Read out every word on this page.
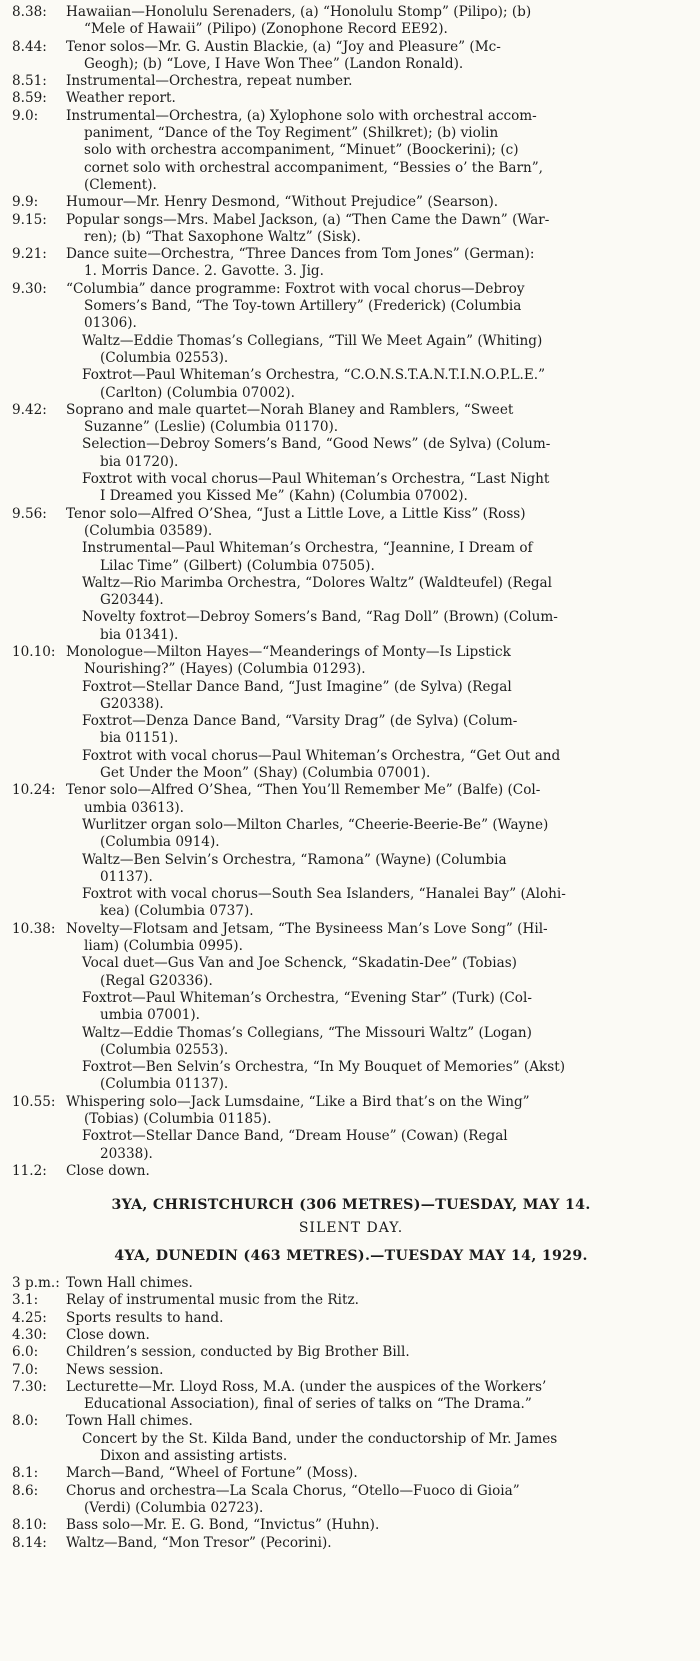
8.38:	Hawaiian—Honolulu Serenaders, (a) “Honolulu Stomp” (Pilipo); (b)
“Mele of Hawaii” (Pilipo) (Zonophone Record EE92).
8.44:	Tenor solos—Mr. G. Austin Blackie, (a) “Joy and Pleasure” (Mc-
Geogh); (b) “Love, I Have Won Thee” (Landon Ronald).
8.51:	Instrumental—Orchestra, repeat number.
8.59:	Weather report.
9.0:	Instrumental—Orchestra, (a) Xylophone solo with orchestral accom-
paniment, “Dance of the Toy Regiment” (Shilkret); (b) violin
solo with orchestra accompaniment, “Minuet” (Boockerini); (c)
cornet solo with orchestral accompaniment, “Bessies o’ the Barn”,
(Clement).
9.9:	Humour—Mr. Henry Desmond, “Without Prejudice” (Searson).
9.15:	Popular songs—Mrs. Mabel Jackson, (a) “Then Came the Dawn” (War-
ren); (b) “That Saxophone Waltz” (Sisk).
9.21:	Dance suite—Orchestra, “Three Dances from Tom Jones” (German):
1. Morris Dance. 2. Gavotte. 3. Jig.
9.30:	“Columbia” dance programme: Foxtrot with vocal chorus—Debroy
Somers’s Band, “The Toy-town Artillery” (Frederick) (Columbia
01306).
Waltz—Eddie Thomas’s Collegians, “Till We Meet Again” (Whiting)
(Columbia 02553).
Foxtrot—Paul Whiteman’s Orchestra, “C.O.N.S.T.A.N.T.I.N.O.P.L.E.”
(Carlton) (Columbia 07002).
9.42:	Soprano and male quartet—Norah Blaney and Ramblers, “Sweet
Suzanne” (Leslie) (Columbia 01170).
Selection—Debroy Somers’s Band, “Good News” (de Sylva) (Colum-
bia 01720).
Foxtrot with vocal chorus—Paul Whiteman’s Orchestra, “Last Night
I Dreamed you Kissed Me” (Kahn) (Columbia 07002).
9.56:	Tenor solo—Alfred O’Shea, “Just a Little Love, a Little Kiss” (Ross)
(Columbia 03589).
Instrumental—Paul Whiteman’s Orchestra, “Jeannine, I Dream of
Lilac Time” (Gilbert) (Columbia 07505).
Waltz—Rio Marimba Orchestra, “Dolores Waltz” (Waldteufel) (Regal
G20344).
Novelty foxtrot—Debroy Somers’s Band, “Rag Doll” (Brown) (Colum-
bia 01341).
10.10: Monologue—Milton Hayes—“Meanderings of Monty—Is Lipstick
Nourishing?” (Hayes) (Columbia 01293).
Foxtrot—Stellar Dance Band, “Just Imagine” (de Sylva) (Regal
G20338).
Foxtrot—Denza Dance Band, “Varsity Drag” (de Sylva) (Colum-
bia 01151).
Foxtrot with vocal chorus—Paul Whiteman’s Orchestra, “Get Out and
Get Under the Moon” (Shay) (Columbia 07001).
10.24: Tenor solo—Alfred O’Shea, “Then You’ll Remember Me” (Balfe) (Col-
umbia 03613).
Wurlitzer organ solo—Milton Charles, “Cheerie-Beerie-Be” (Wayne)
(Columbia 0914).
Waltz—Ben Selvin’s Orchestra, “Ramona” (Wayne) (Columbia
01137).
Foxtrot with vocal chorus—South Sea Islanders, “Hanalei Bay” (Alohi-
kea) (Columbia 0737).
10.38: Novelty—Flotsam and Jetsam, “The Bysineess Man’s Love Song” (Hil-
liam) (Columbia 0995).
Vocal duet—Gus Van and Joe Schenck, “Skadatin-Dee” (Tobias)
(Regal G20336).
Foxtrot—Paul Whiteman’s Orchestra, “Evening Star” (Turk) (Col-
umbia 07001).
Waltz—Eddie Thomas’s Collegians, “The Missouri Waltz” (Logan)
(Columbia 02553).
Foxtrot—Ben Selvin’s Orchestra, “In My Bouquet of Memories” (Akst)
(Columbia 01137).
10.55: Whispering solo—Jack Lumsdaine, “Like a Bird that’s on the Wing”
(Tobias) (Columbia 01185).
Foxtrot—Stellar Dance Band, “Dream House” (Cowan) (Regal
20338).
11.2:	Close down.
3YA, CHRISTCHURCH (306 METRES)—TUESDAY, MAY 14.
SILENT DAY.
4YA, DUNEDIN (463 METRES).—TUESDAY MAY 14, 1929.
3 p.m.: Town Hall chimes.
3.1:	Relay of instrumental music from the Ritz.
4.25:	Sports results to hand.
4.30:	Close down.
6.0:	Children’s session, conducted by Big Brother Bill.
7.0:	News session.
7.30:	Lecturette—Mr. Lloyd Ross, M.A. (under the auspices of the Workers’
Educational Association), final of series of talks on “The Drama.”
8.0:	Town Hall chimes.
Concert by the St. Kilda Band, under the conductorship of Mr. James
Dixon and assisting artists.
8.1:	March—Band, “Wheel of Fortune” (Moss).
8.6:	Chorus and orchestra—La Scala Chorus, “Otello—Fuoco di Gioia”
(Verdi) (Columbia 02723).
8.10:	Bass solo—Mr. E. G. Bond, “Invictus” (Huhn).
8.14:	Waltz—Band, “Mon Tresor” (Pecorini).
